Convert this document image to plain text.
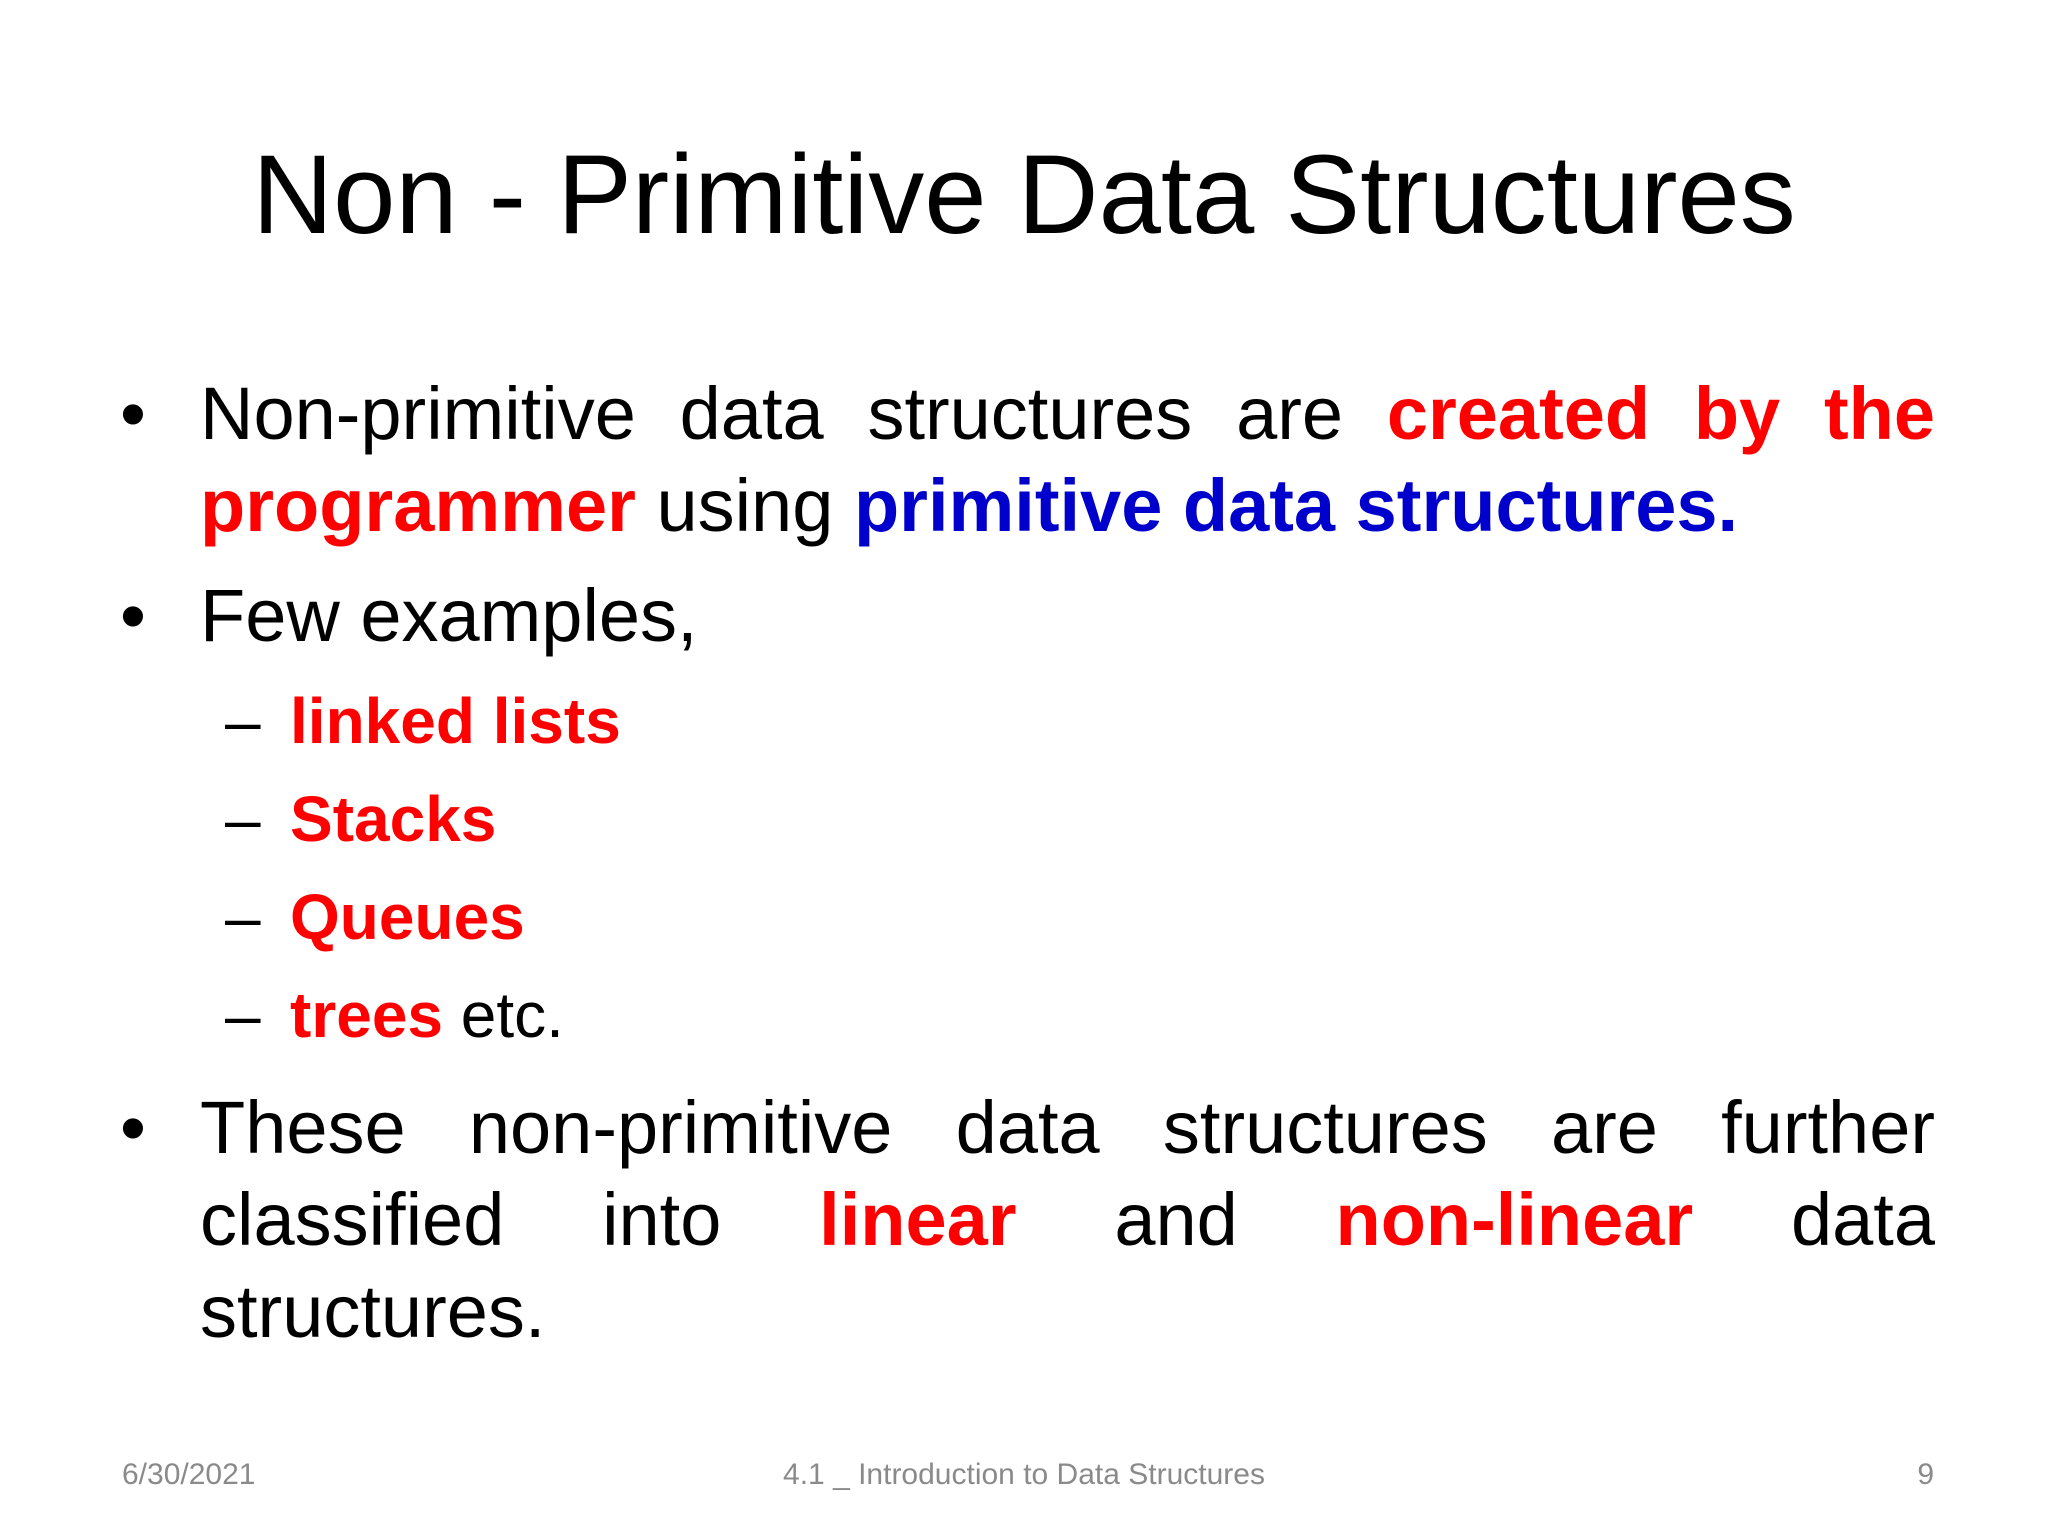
Non - Primitive Data Structures
• Non-primitive data structures are created by the programmer using primitive data structures.
• Few examples,
– linked lists
– Stacks
– Queues
– trees etc.
• These non-primitive data structures are further
classified into linear and non-linear data
structures.
6/30/2021	4.1 _ Introduction to Data Structures	9
